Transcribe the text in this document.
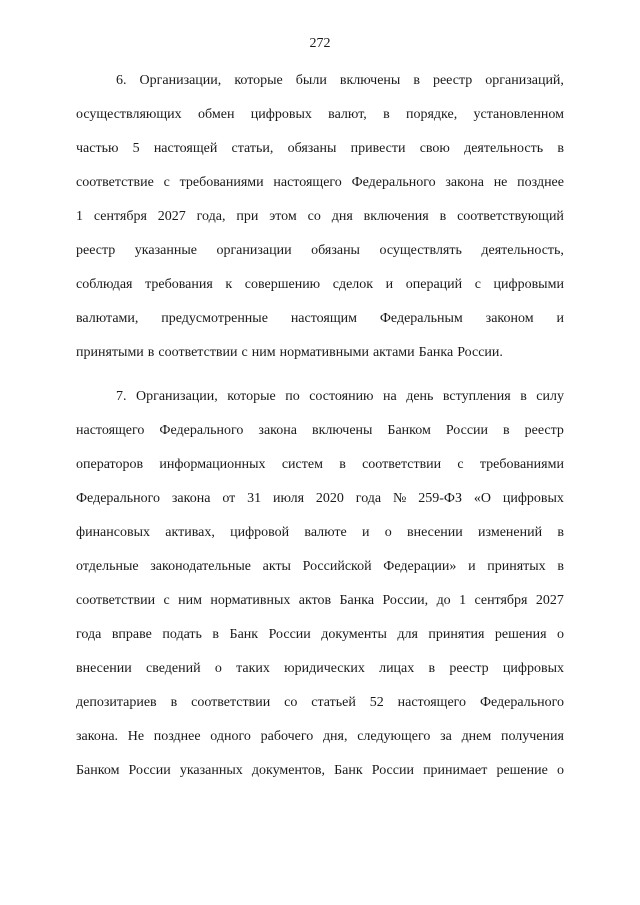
272
6. Организации, которые были включены в реестр организаций,
осуществляющих обмен цифровых валют, в порядке, установленном
частью 5 настоящей статьи, обязаны привести свою деятельность в
соответствие с требованиями настоящего Федерального закона не позднее
1 сентября 2027 года, при этом со дня включения в соответствующий
реестр указанные организации обязаны осуществлять деятельность,
соблюдая требования к совершению сделок и операций с цифровыми
валютами, предусмотренные настоящим Федеральным законом и
принятыми в соответствии с ним нормативными актами Банка России.
7. Организации, которые по состоянию на день вступления в силу
настоящего Федерального закона включены Банком России в реестр
операторов информационных систем в соответствии с требованиями
Федерального закона от 31 июля 2020 года № 259-ФЗ «О цифровых
финансовых активах, цифровой валюте и о внесении изменений в
отдельные законодательные акты Российской Федерации» и принятых в
соответствии с ним нормативных актов Банка России, до 1 сентября 2027
года вправе подать в Банк России документы для принятия решения о
внесении сведений о таких юридических лицах в реестр цифровых
депозитариев в соответствии со статьей 52 настоящего Федерального
закона. Не позднее одного рабочего дня, следующего за днем получения
Банком России указанных документов, Банк России принимает решение о
